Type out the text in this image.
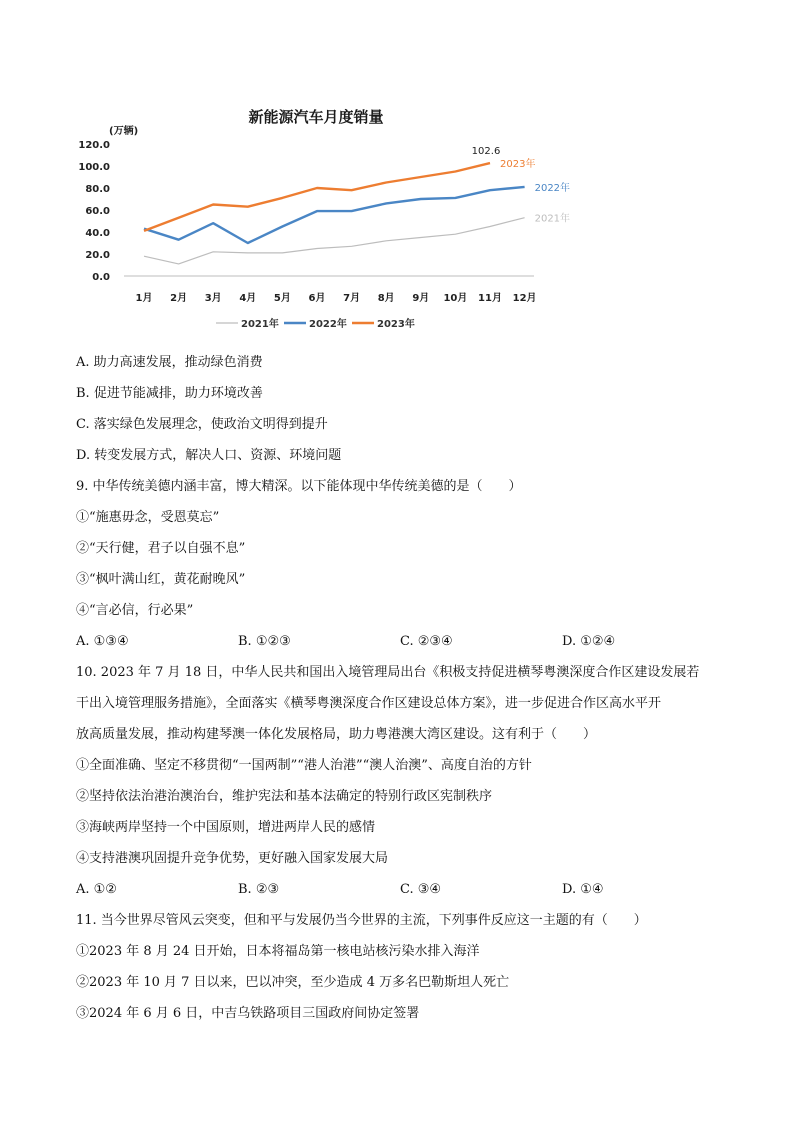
新能源汽车月度销量
(万辆)
120.0
100.0
80.0
60.0
40.0
20.0
0.0
1月 2月 3月 4月 5月 6月 7月 8月 9月 10月 11月 12月
2021年
2022年
2023年
102.6
2021年	2022年	2023年
A. 助力高速发展，推动绿色消费
B. 促进节能减排，助力环境改善
C. 落实绿色发展理念，使政治文明得到提升
D. 转变发展方式，解决人口、资源、环境问题
9. 中华传统美德内涵丰富，博大精深。以下能体现中华传统美德的是（　　）
①“施惠毋念，受恩莫忘”
②“天行健，君子以自强不息”
③“枫叶满山红，黄花耐晚风”
④“言必信，行必果”
A. ①③④	B. ①②③	C. ②③④	D. ①②④
10. 2023 年 7 月 18 日，中华人民共和国出入境管理局出台《积极支持促进横琴粤澳深度合作区建设发展若
干出入境管理服务措施》，全面落实《横琴粤澳深度合作区建设总体方案》，进一步促进合作区高水平开
放高质量发展，推动构建琴澳一体化发展格局，助力粤港澳大湾区建设。这有利于（　　）
①全面准确、坚定不移贯彻“一国两制”“港人治港”“澳人治澳”、高度自治的方针
②坚持依法治港治澳治台，维护宪法和基本法确定的特别行政区宪制秩序
③海峡两岸坚持一个中国原则，增进两岸人民的感情
④支持港澳巩固提升竞争优势，更好融入国家发展大局
A. ①②	B. ②③	C. ③④	D. ①④
11. 当今世界尽管风云突变，但和平与发展仍当今世界的主流，下列事件反应这一主题的有（　　）
①2023 年 8 月 24 日开始，日本将福岛第一核电站核污染水排入海洋
②2023 年 10 月 7 日以来，巴以冲突，至少造成 4 万多名巴勒斯坦人死亡
③2024 年 6 月 6 日，中吉乌铁路项目三国政府间协定签署
